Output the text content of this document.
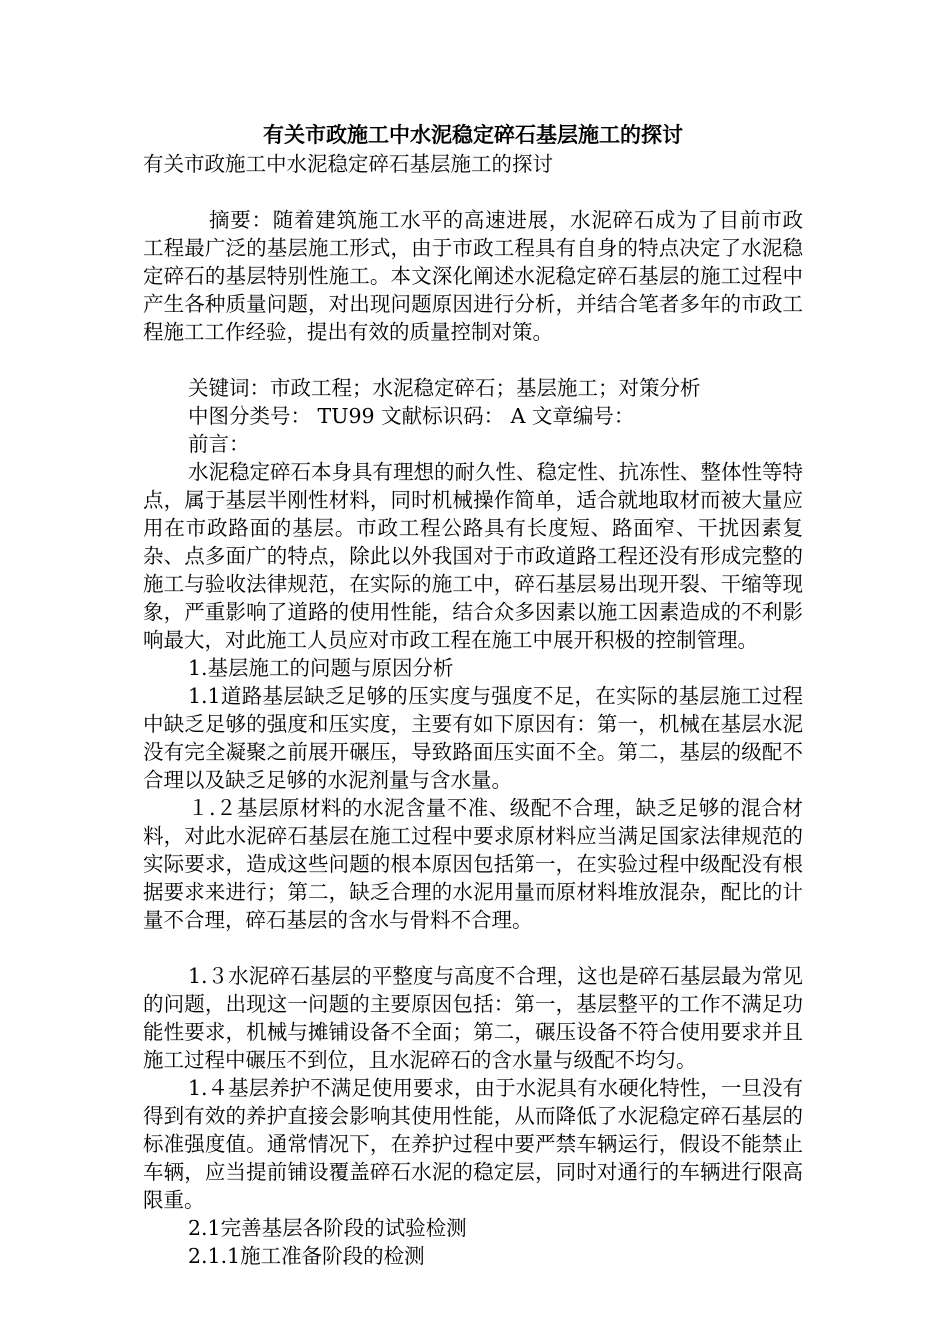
有关市政施工中水泥稳定碎石基层施工的探讨

有关市政施工中水泥稳定碎石基层施工的探讨

摘要：随着建筑施工水平的高速进展，水泥碎石成为了目前市政工程最广泛的基层施工形式，由于市政工程具有自身的特点决定了水泥稳定碎石的基层特别性施工。本文深化阐述水泥稳定碎石基层的施工过程中产生各种质量问题，对出现问题原因进行分析，并结合笔者多年的市政工程施工工作经验，提出有效的质量控制对策。

关键词：市政工程；水泥稳定碎石；基层施工；对策分析

中图分类号： TU99 文献标识码： A 文章编号：

前言：

水泥稳定碎石本身具有理想的耐久性、稳定性、抗冻性、整体性等特点，属于基层半刚性材料，同时机械操作简单，适合就地取材而被大量应用在市政路面的基层。市政工程公路具有长度短、路面窄、干扰因素复杂、点多面广的特点，除此以外我国对于市政道路工程还没有形成完整的施工与验收法律规范，在实际的施工中，碎石基层易出现开裂、干缩等现象，严重影响了道路的使用性能，结合众多因素以施工因素造成的不利影响最大，对此施工人员应对市政工程在施工中展开积极的控制管理。

1.基层施工的问题与原因分析

1.1道路基层缺乏足够的压实度与强度不足，在实际的基层施工过程中缺乏足够的强度和压实度，主要有如下原因有：第一，机械在基层水泥没有完全凝聚之前展开碾压，导致路面压实面不全。第二，基层的级配不合理以及缺乏足够的水泥剂量与含水量。

１.２基层原材料的水泥含量不准、级配不合理，缺乏足够的混合材料，对此水泥碎石基层在施工过程中要求原材料应当满足国家法律规范的实际要求，造成这些问题的根本原因包括第一，在实验过程中级配没有根据要求来进行；第二，缺乏合理的水泥用量而原材料堆放混杂，配比的计量不合理，碎石基层的含水与骨料不合理。

1.３水泥碎石基层的平整度与高度不合理，这也是碎石基层最为常见的问题，出现这一问题的主要原因包括：第一，基层整平的工作不满足功能性要求，机械与摊铺设备不全面；第二，碾压设备不符合使用要求并且施工过程中碾压不到位，且水泥碎石的含水量与级配不均匀。

1.４基层养护不满足使用要求，由于水泥具有水硬化特性，一旦没有得到有效的养护直接会影响其使用性能，从而降低了水泥稳定碎石基层的标准强度值。通常情况下，在养护过程中要严禁车辆运行，假设不能禁止车辆，应当提前铺设覆盖碎石水泥的稳定层，同时对通行的车辆进行限高限重。

2.1完善基层各阶段的试验检测

2.1.1施工准备阶段的检测
